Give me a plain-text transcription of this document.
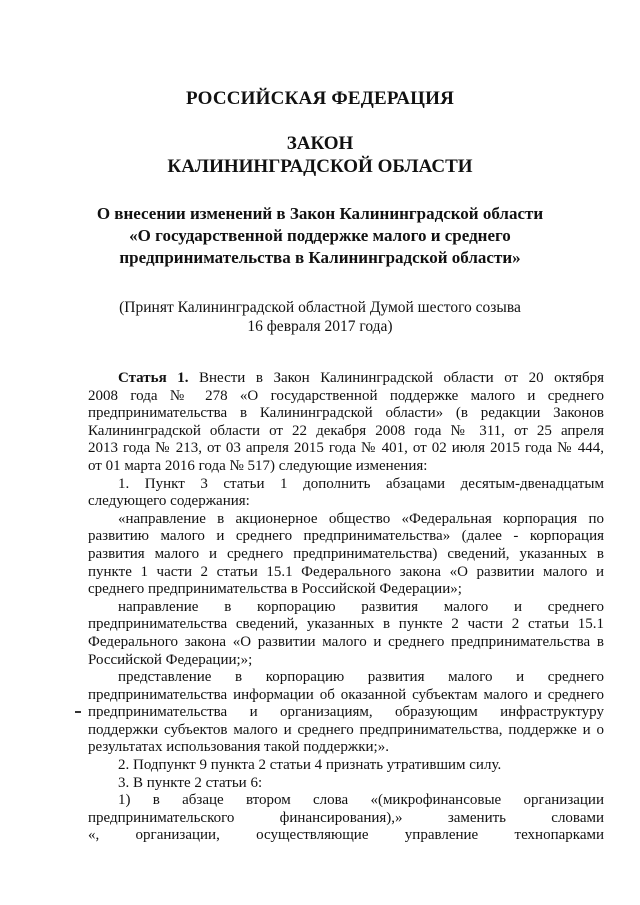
РОССИЙСКАЯ ФЕДЕРАЦИЯ
ЗАКОН
КАЛИНИНГРАДСКОЙ ОБЛАСТИ
О внесении изменений в Закон Калининградской области
«О государственной поддержке малого и среднего
предпринимательства в Калининградской области»
(Принят Калининградской областной Думой шестого созыва
16 февраля 2017 года)
Статья 1. Внести в Закон Калининградской области от 20 октября
2008 года № 278 «О государственной поддержке малого и среднего
предпринимательства в Калининградской области» (в редакции Законов
Калининградской области от 22 декабря 2008 года № 311, от 25 апреля
2013 года № 213, от 03 апреля 2015 года № 401, от 02 июля 2015 года № 444,
от 01 марта 2016 года № 517) следующие изменения:
1. Пункт 3 статьи 1 дополнить абзацами десятым-двенадцатым
следующего содержания:
«направление в акционерное общество «Федеральная корпорация по
развитию малого и среднего предпринимательства» (далее - корпорация
развития малого и среднего предпринимательства) сведений, указанных в
пункте 1 части 2 статьи 15.1 Федерального закона «О развитии малого и
среднего предпринимательства в Российской Федерации»;
направление в корпорацию развития малого и среднего
предпринимательства сведений, указанных в пункте 2 части 2 статьи 15.1
Федерального закона «О развитии малого и среднего предпринимательства в
Российской Федерации;»;
представление в корпорацию развития малого и среднего
предпринимательства информации об оказанной субъектам малого и среднего
предпринимательства и организациям, образующим инфраструктуру
поддержки субъектов малого и среднего предпринимательства, поддержке и о
результатах использования такой поддержки;».
2. Подпункт 9 пункта 2 статьи 4 признать утратившим силу.
3. В пункте 2 статьи 6:
1) в абзаце втором слова «(микрофинансовые организации
предпринимательского финансирования),» заменить словами
«, организации, осуществляющие управление технопарками
